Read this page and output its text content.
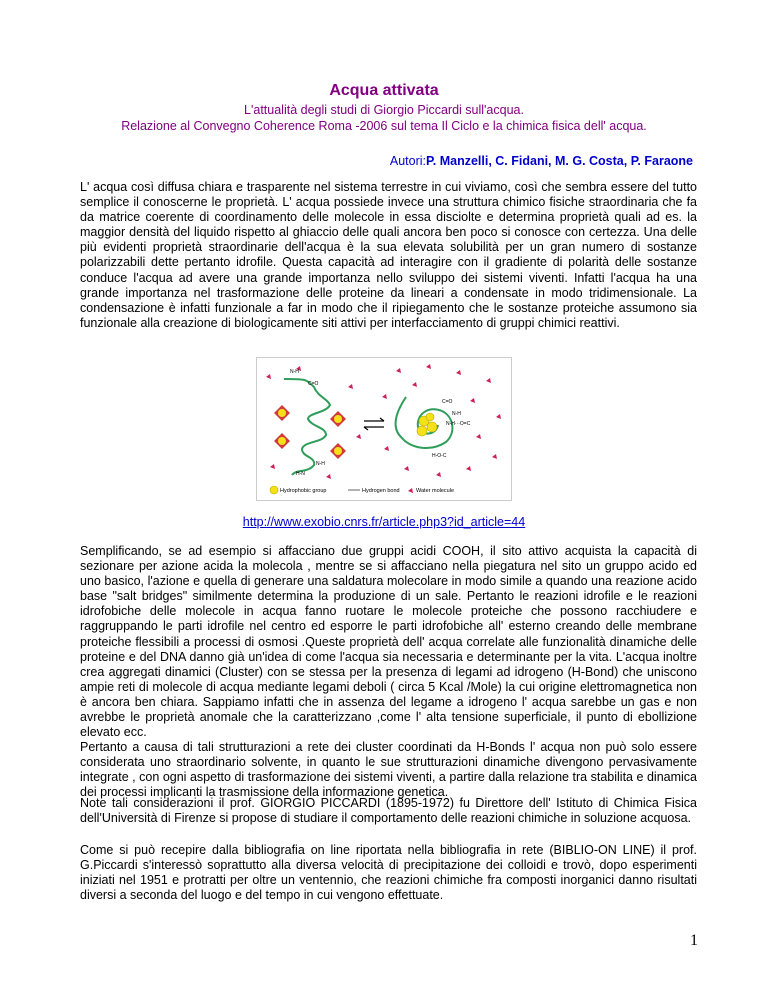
Acqua attivata
L'attualità degli studi di Giorgio Piccardi sull'acqua.
Relazione al Convegno Coherence Roma -2006 sul tema Il Ciclo e la chimica fisica dell' acqua.
Autori:P. Manzelli, C. Fidani, M. G. Costa, P. Faraone

L' acqua così diffusa chiara e trasparente nel sistema terrestre in cui viviamo, così che sembra essere del tutto semplice il conoscerne le proprietà. L' acqua possiede invece una struttura chimico fisiche straordinaria che fa da matrice coerente di coordinamento delle molecole in essa disciolte e determina proprietà quali ad es. la maggior densità del liquido rispetto al ghiaccio delle quali ancora ben poco si conosce con certezza. Una delle più evidenti proprietà straordinarie dell'acqua è la sua elevata solubilità per un gran numero di sostanze polarizzabili dette pertanto idrofile. Questa capacità ad interagire con il gradiente di polarità delle sostanze conduce l'acqua ad avere una grande importanza nello sviluppo dei sistemi viventi. Infatti l'acqua ha una grande importanza nel trasformazione delle proteine da lineari a condensate in modo tridimensionale. La condensazione è infatti funzionale a far in modo che il ripiegamento che le sostanze proteiche assumono sia funzionale alla creazione di biologicamente siti attivi per interfacciamento di gruppi chimici reattivi.

N-H
C=O
N-H
H-N
C=O
N-H
N-H···O=C
H-O-C
Hydrophobic group	Hydrogen bond	Water molecule
http://www.exobio.cnrs.fr/article.php3?id_article=44

Semplificando, se ad esempio si affacciano due gruppi acidi COOH, il sito attivo acquista la capacità di sezionare per azione acida la molecola , mentre se si affacciano nella piegatura nel sito un gruppo acido ed uno basico, l'azione e quella di generare una saldatura molecolare in modo simile a quando una reazione acido base "salt bridges" similmente determina la produzione di un sale. Pertanto le reazioni idrofile e le reazioni idrofobiche delle molecole in acqua fanno ruotare le molecole proteiche che possono racchiudere e raggruppando le parti idrofile nel centro ed esporre le parti idrofobiche all' esterno creando delle membrane proteiche flessibili a processi di osmosi .Queste proprietà dell' acqua correlate alle funzionalità dinamiche delle proteine e del DNA danno già un'idea di come l'acqua sia necessaria e determinante per la vita. L'acqua inoltre crea aggregati dinamici (Cluster) con se stessa per la presenza di legami ad idrogeno (H-Bond) che uniscono ampie reti di molecole di acqua mediante legami deboli ( circa 5 Kcal /Mole) la cui origine elettromagnetica non è ancora ben chiara. Sappiamo infatti che in assenza del legame a idrogeno l' acqua sarebbe un gas e non avrebbe le proprietà anomale che la caratterizzano ,come l' alta tensione superficiale, il punto di ebollizione elevato ecc.

Pertanto a causa di tali strutturazioni a rete dei cluster coordinati da H-Bonds l' acqua non può solo essere considerata uno straordinario solvente, in quanto le sue strutturazioni dinamiche divengono pervasivamente integrate , con ogni aspetto di trasformazione dei sistemi viventi, a partire dalla relazione tra stabilita e dinamica dei processi implicanti la trasmissione della informazione genetica.

Note tali considerazioni il prof. GIORGIO PICCARDI (1895-1972) fu Direttore dell' Istituto di Chimica Fisica dell'Università di Firenze si propose di studiare il comportamento delle reazioni chimiche in soluzione acquosa.

Come si può recepire dalla bibliografia on line riportata nella bibliografia in rete (BIBLIO-ON LINE) il prof. G.Piccardi s'interessò soprattutto alla diversa velocità di precipitazione dei colloidi e trovò, dopo esperimenti iniziati nel 1951 e protratti per oltre un ventennio, che reazioni chimiche fra composti inorganici danno risultati diversi a seconda del luogo e del tempo in cui vengono effettuate.

1
